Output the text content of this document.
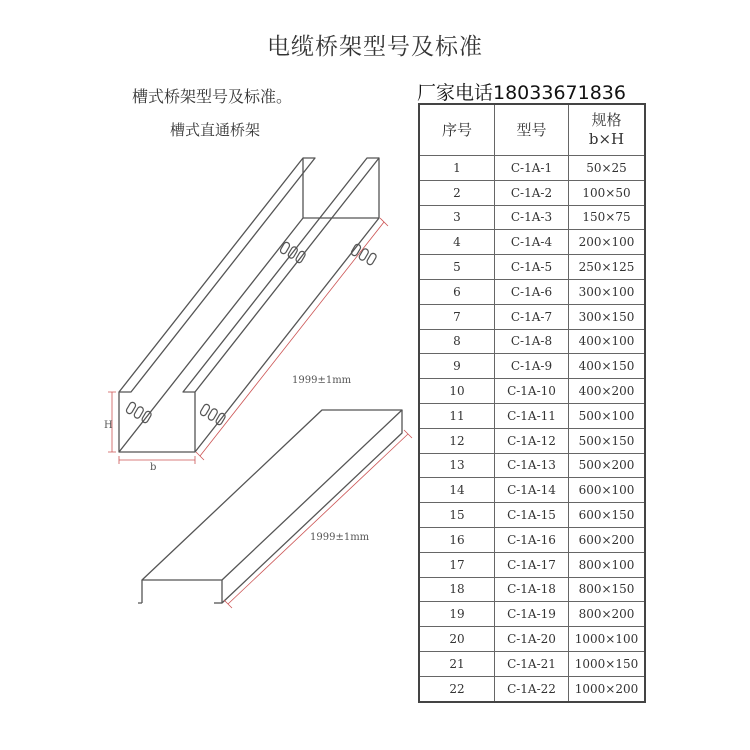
电缆桥架型号及标准
槽式桥架型号及标准。
槽式直通桥架
厂家电话18033671836
1999±1mm
1999±1mm
H
b
序号	型号	规格
b×H
1	C-1A-1	50×25
2	C-1A-2	100×50
3	C-1A-3	150×75
4	C-1A-4	200×100
5	C-1A-5	250×125
6	C-1A-6	300×100
7	C-1A-7	300×150
8	C-1A-8	400×100
9	C-1A-9	400×150
10	C-1A-10	400×200
11	C-1A-11	500×100
12	C-1A-12	500×150
13	C-1A-13	500×200
14	C-1A-14	600×100
15	C-1A-15	600×150
16	C-1A-16	600×200
17	C-1A-17	800×100
18	C-1A-18	800×150
19	C-1A-19	800×200
20	C-1A-20	1000×100
21	C-1A-21	1000×150
22	C-1A-22	1000×200
